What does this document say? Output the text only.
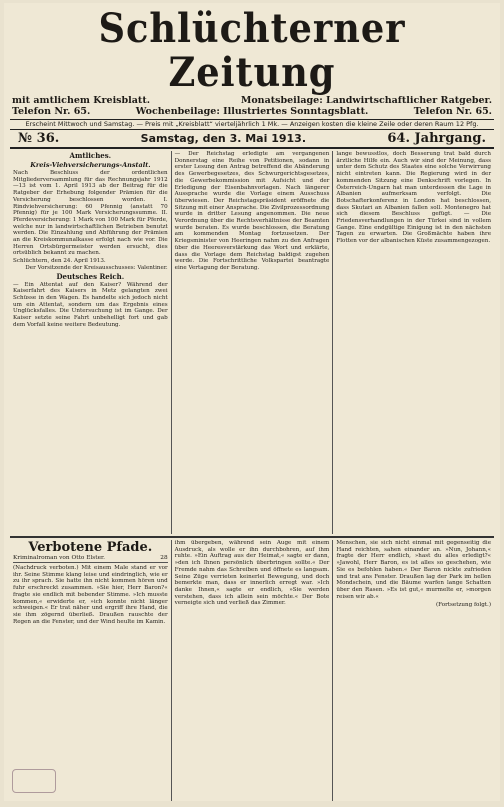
Schlüchterner Zeitung
mit amtlichem Kreisblatt.	Monatsbeilage: Landwirtschaftlicher Ratgeber.
Telefon Nr. 65.	Wochenbeilage: Illustriertes Sonntagsblatt.	Telefon Nr. 65.
Erscheint Mittwoch und Samstag. — Preis mit „Kreisblatt“ vierteljährlich 1 Mk. — Anzeigen kosten die kleine Zeile oder deren Raum 12 Pfg.
№ 36.	Samstag, den 3. Mai 1913.	64. Jahrgang.
Amtliches.
Kreis-Viehversicherungs-Anstalt.

Nach Beschluss der ordentlichen Mitgliederversammlung für das Rechnungsjahr 1912—13 ist vom 1. April 1913 ab der Beitrag für die Ratgeber der Erhebung folgender Prämien für die Versicherung beschlossen worden. I. Rindviehversicherung: 60 Pfennig (anstatt 70 Pfennig) für je 100 Mark Versicherungssumme. II. Pferdeversicherung: 1 Mark von 100 Mark für Pferde, welche nur in landwirtschaftlichen Betrieben benutzt werden. Die Einzahlung und Abführung der Prämien an die Kreiskommunalkasse erfolgt nach wie vor. Die Herren Ortsbürgermeister werden ersucht, dies ortsüblich bekannt zu machen.

Schlüchtern, den 24. April 1913.
Der Vorsitzende der Kreisausschusses: Valentiner.
Deutsches Reich.

— Ein Attentat auf den Kaiser? Während der Kaiserfahrt des Kaisers in Metz gelangten zwei Schüsse in den Wagen. Es handelte sich jedoch nicht um ein Attentat, sondern um das Ergebnis eines Unglücksfalles. Die Untersuchung ist im Gange. Der Kaiser setzte seine Fahrt unbehelligt fort und gab dem Vorfall keine weitere Bedeutung.

— Der Reichstag erledigte am vergangenen Donnerstag eine Reihe von Petitionen, sodann in erster Lesung den Antrag betreffend die Abänderung des Gewerbegesetzes, des Schwurgerichtsgesetzes, die Gewerbekommission mit Aufsicht und der Erledigung der Eisenbahnvorlagen. Nach längerer Aussprache wurde die Vorlage einem Ausschuss überwiesen. Der Reichstagspräsident eröffnete die Sitzung mit einer Ansprache. Die Zivilprozessordnung wurde in dritter Lesung angenommen. Die neue Verordnung über die Rechtsverhältnisse der Beamten wurde beraten. Es wurde beschlossen, die Beratung am kommenden Montag fortzusetzen. Der Kriegsminister von Heeringen nahm zu den Anfragen über die Heeresverstärkung das Wort und erklärte, dass die Vorlage dem Reichstag baldigst zugehen werde. Die Fortschrittliche Volkspartei beantragte eine Vertagung der Beratung.

lange bewusstlos, doch Besserung trat bald durch ärztliche Hilfe ein. Auch wir sind der Meinung, dass unter dem Schutz des Staates eine solche Verwirrung nicht eintreten kann. Die Regierung wird in der kommenden Sitzung eine Denkschrift vorlegen. In Österreich-Ungarn hat man unterdessen die Lage in Albanien aufmerksam verfolgt. Die Botschafterkonferenz in London hat beschlossen, dass Skutari an Albanien fallen soll. Montenegro hat sich diesem Beschluss gefügt. — Die Friedensverhandlungen in der Türkei sind in vollem Gange. Eine endgültige Einigung ist in den nächsten Tagen zu erwarten. Die Großmächte haben ihre Flotten vor der albanischen Küste zusammengezogen.

Verbotene Pfade.
Kriminalroman von Otto Elster.	28

(Nachdruck verboten.) Mit einem Male stand er vor ihr. Seine Stimme klang leise und eindringlich, wie er zu ihr sprach. Sie hatte ihn nicht kommen hören und fuhr erschreckt zusammen. »Sie hier, Herr Baron?« fragte sie endlich mit bebender Stimme. »Ich musste kommen,« erwiderte er, »ich konnte nicht länger schweigen.« Er trat näher und ergriff ihre Hand, die sie ihm zögernd überließ. Draußen rauschte der Regen an die Fenster, und der Wind heulte im Kamin.

ihm übergeben, während sein Auge mit einem Ausdruck, als wolle er ihn durchbohren, auf ihm ruhte. »Ein Auftrag aus der Heimat,« sagte er dann, »den ich Ihnen persönlich überbringen sollte.« Der Fremde nahm das Schreiben und öffnete es langsam. Seine Züge verrieten keinerlei Bewegung, und doch bemerkte man, dass er innerlich erregt war. »Ich danke Ihnen,« sagte er endlich, »Sie werden verstehen, dass ich allein sein möchte.« Der Bote verneigte sich und verließ das Zimmer.

Menschen, sie sich nicht einmal mit gegenseitig die Hand reichten, sahen einander an. »Nun, Johann,« fragte der Herr endlich, »hast du alles erledigt?« »Jawohl, Herr Baron, es ist alles so geschehen, wie Sie es befohlen haben.« Der Baron nickte zufrieden und trat ans Fenster. Draußen lag der Park im hellen Mondschein, und die Bäume warfen lange Schatten über den Rasen. »Es ist gut,« murmelte er, »morgen reisen wir ab.«

(Fortsetzung folgt.)
